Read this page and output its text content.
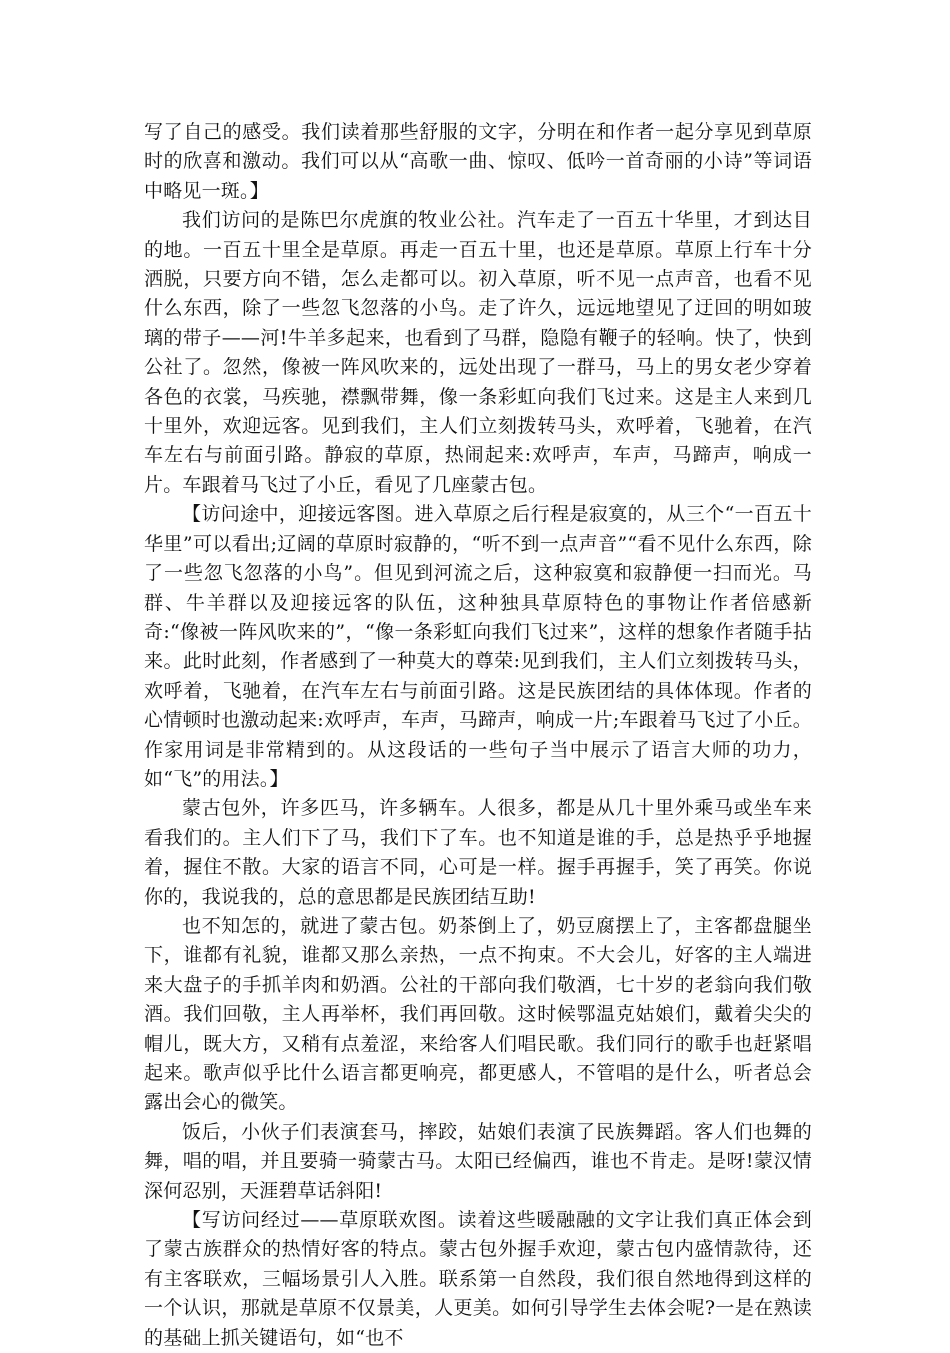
写了自己的感受。我们读着那些舒服的文字，分明在和作者一起分享见到草原时的欣喜和激动。我们可以从“高歌一曲、惊叹、低吟一首奇丽的小诗”等词语中略见一斑。】

我们访问的是陈巴尔虎旗的牧业公社。汽车走了一百五十华里，才到达目的地。一百五十里全是草原。再走一百五十里，也还是草原。草原上行车十分洒脱，只要方向不错，怎么走都可以。初入草原，听不见一点声音，也看不见什么东西，除了一些忽飞忽落的小鸟。走了许久，远远地望见了迂回的明如玻璃的带子——河!牛羊多起来，也看到了马群，隐隐有鞭子的轻响。快了，快到公社了。忽然，像被一阵风吹来的，远处出现了一群马，马上的男女老少穿着各色的衣裳，马疾驰，襟飘带舞，像一条彩虹向我们飞过来。这是主人来到几十里外，欢迎远客。见到我们，主人们立刻拨转马头，欢呼着，飞驰着，在汽车左右与前面引路。静寂的草原，热闹起来:欢呼声，车声，马蹄声，响成一片。车跟着马飞过了小丘，看见了几座蒙古包。

【访问途中，迎接远客图。进入草原之后行程是寂寞的，从三个“一百五十华里”可以看出;辽阔的草原时寂静的，“听不到一点声音”“看不见什么东西，除了一些忽飞忽落的小鸟”。但见到河流之后，这种寂寞和寂静便一扫而光。马群、牛羊群以及迎接远客的队伍，这种独具草原特色的事物让作者倍感新奇:“像被一阵风吹来的”，“像一条彩虹向我们飞过来”，这样的想象作者随手拈来。此时此刻，作者感到了一种莫大的尊荣:见到我们，主人们立刻拨转马头，欢呼着，飞驰着，在汽车左右与前面引路。这是民族团结的具体体现。作者的心情顿时也激动起来:欢呼声，车声，马蹄声，响成一片;车跟着马飞过了小丘。作家用词是非常精到的。从这段话的一些句子当中展示了语言大师的功力，如“飞”的用法。】

蒙古包外，许多匹马，许多辆车。人很多，都是从几十里外乘马或坐车来看我们的。主人们下了马，我们下了车。也不知道是谁的手，总是热乎乎地握着，握住不散。大家的语言不同，心可是一样。握手再握手，笑了再笑。你说你的，我说我的，总的意思都是民族团结互助!

也不知怎的，就进了蒙古包。奶茶倒上了，奶豆腐摆上了，主客都盘腿坐下，谁都有礼貌，谁都又那么亲热，一点不拘束。不大会儿，好客的主人端进来大盘子的手抓羊肉和奶酒。公社的干部向我们敬酒，七十岁的老翁向我们敬酒。我们回敬，主人再举杯，我们再回敬。这时候鄂温克姑娘们，戴着尖尖的帽儿，既大方，又稍有点羞涩，来给客人们唱民歌。我们同行的歌手也赶紧唱起来。歌声似乎比什么语言都更响亮，都更感人，不管唱的是什么，听者总会露出会心的微笑。

饭后，小伙子们表演套马，摔跤，姑娘们表演了民族舞蹈。客人们也舞的舞，唱的唱，并且要骑一骑蒙古马。太阳已经偏西，谁也不肯走。是呀!蒙汉情深何忍别，天涯碧草话斜阳!

【写访问经过——草原联欢图。读着这些暖融融的文字让我们真正体会到了蒙古族群众的热情好客的特点。蒙古包外握手欢迎，蒙古包内盛情款待，还有主客联欢，三幅场景引人入胜。联系第一自然段，我们很自然地得到这样的一个认识，那就是草原不仅景美，人更美。如何引导学生去体会呢?一是在熟读的基础上抓关键语句，如“也不
